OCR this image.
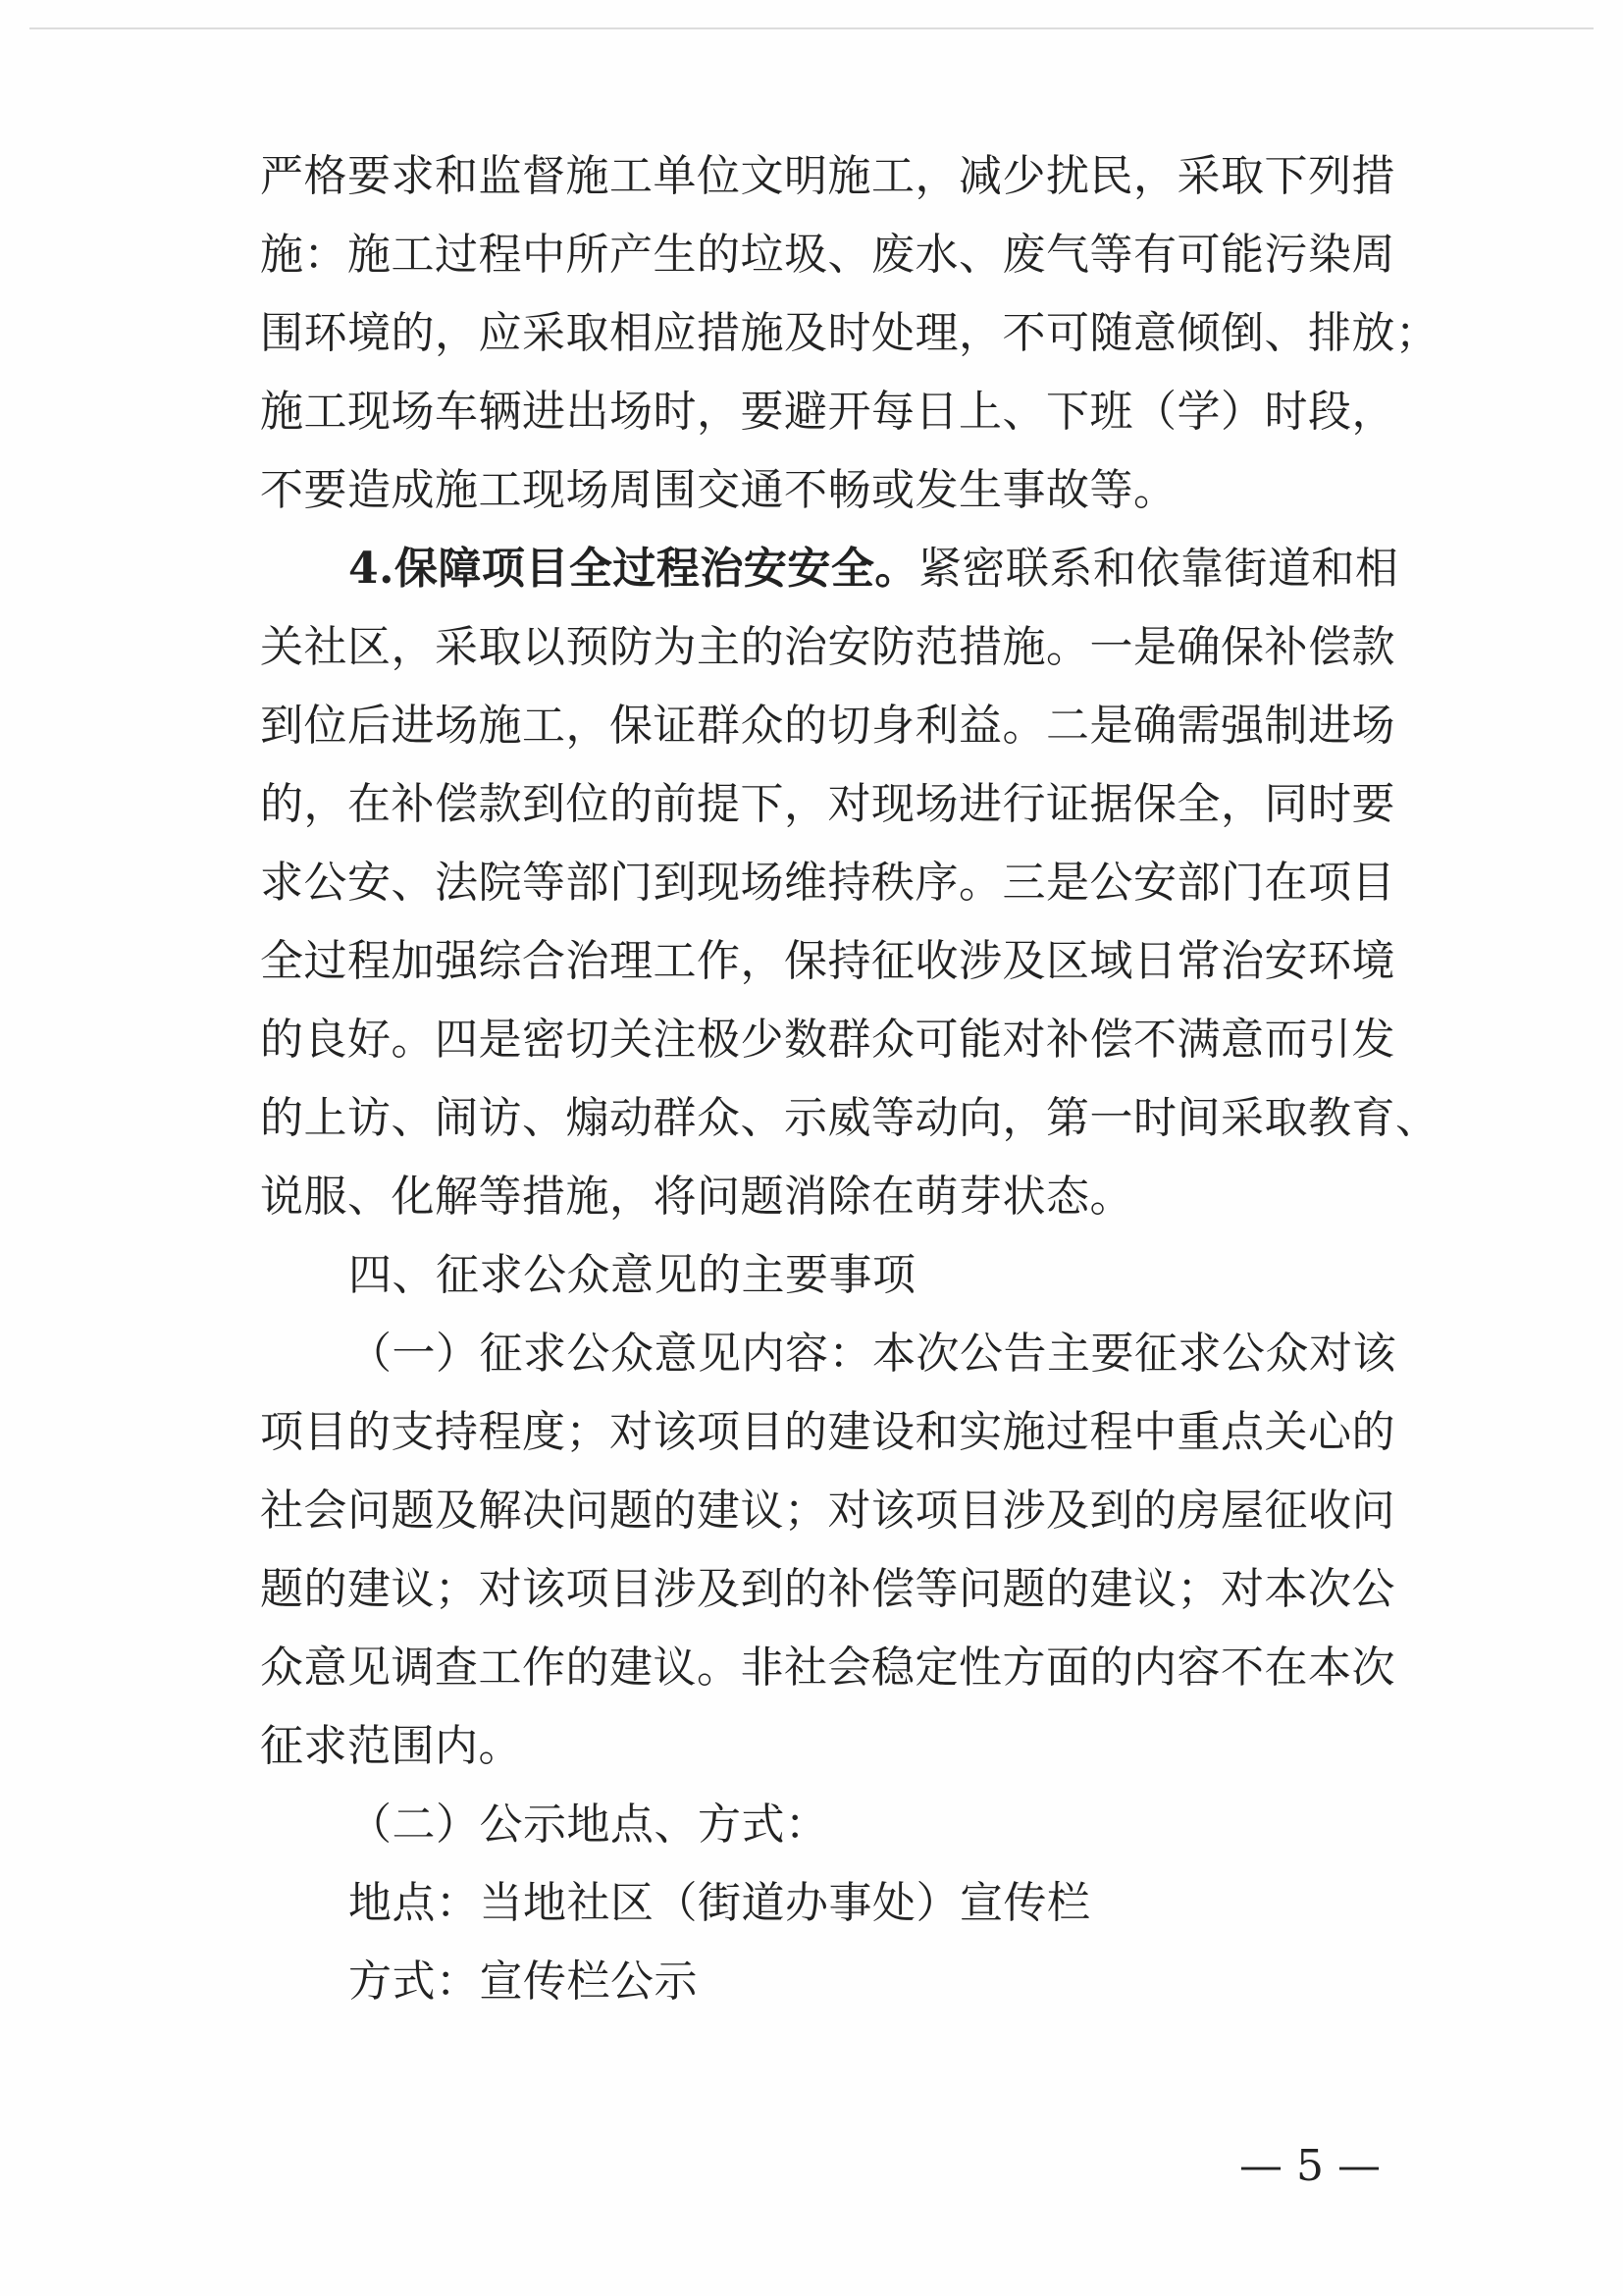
严格要求和监督施工单位文明施工，减少扰民，采取下列措
施：施工过程中所产生的垃圾、废水、废气等有可能污染周
围环境的，应采取相应措施及时处理，不可随意倾倒、排放；
施工现场车辆进出场时，要避开每日上、下班（学）时段，
不要造成施工现场周围交通不畅或发生事故等。
4.保障项目全过程治安安全。紧密联系和依靠街道和相
关社区，采取以预防为主的治安防范措施。一是确保补偿款
到位后进场施工，保证群众的切身利益。二是确需强制进场
的，在补偿款到位的前提下，对现场进行证据保全，同时要
求公安、法院等部门到现场维持秩序。三是公安部门在项目
全过程加强综合治理工作，保持征收涉及区域日常治安环境
的良好。四是密切关注极少数群众可能对补偿不满意而引发
的上访、闹访、煽动群众、示威等动向，第一时间采取教育、
说服、化解等措施，将问题消除在萌芽状态。
四、征求公众意见的主要事项
（一）征求公众意见内容：本次公告主要征求公众对该
项目的支持程度；对该项目的建设和实施过程中重点关心的
社会问题及解决问题的建议；对该项目涉及到的房屋征收问
题的建议；对该项目涉及到的补偿等问题的建议；对本次公
众意见调查工作的建议。非社会稳定性方面的内容不在本次
征求范围内。
（二）公示地点、方式：
地点：当地社区（街道办事处）宣传栏
方式：宣传栏公示
— 5 —
